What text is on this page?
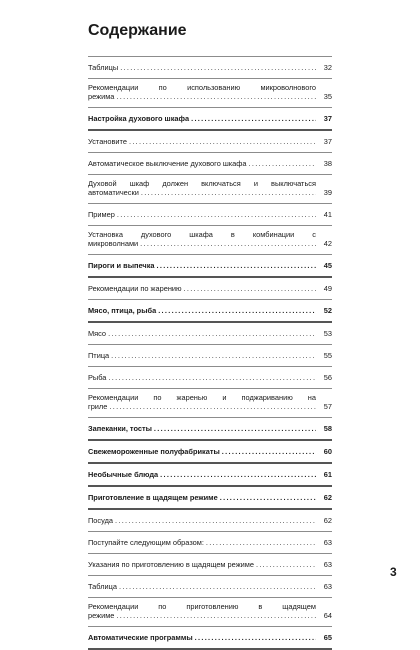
Содержание
Таблицы .....	32
Рекомендации по использованию микроволнового
режима .....	35
Настройка духового шкафа .....	37
Установите .....	37
Автоматическое выключение духового шкафа .....	38
Духовой шкаф должен включаться и выключаться
автоматически .....	39
Пример .....	41
Установка духового шкафа в комбинации с
микроволнами .....	42
Пироги и выпечка .....	45
Рекомендации по жарению .....	49
Мясо, птица, рыба .....	52
Мясо .....	53
Птица .....	55
Рыба .....	56
Рекомендации по жаренью и поджариванию на
гриле .....	57
Запеканки, тосты .....	58
Свежемороженные полуфабрикаты .....	60
Необычные блюда .....	61
Приготовление в щадящем режиме .....	62
Посуда .....	62
Поступайте следующим образом: .....	63
Указания по приготовлению в щадящем режиме .....	63
Таблица .....	63
Рекомендации по приготовлению в щадящем
режиме .....	64
Автоматические программы .....	65
3
